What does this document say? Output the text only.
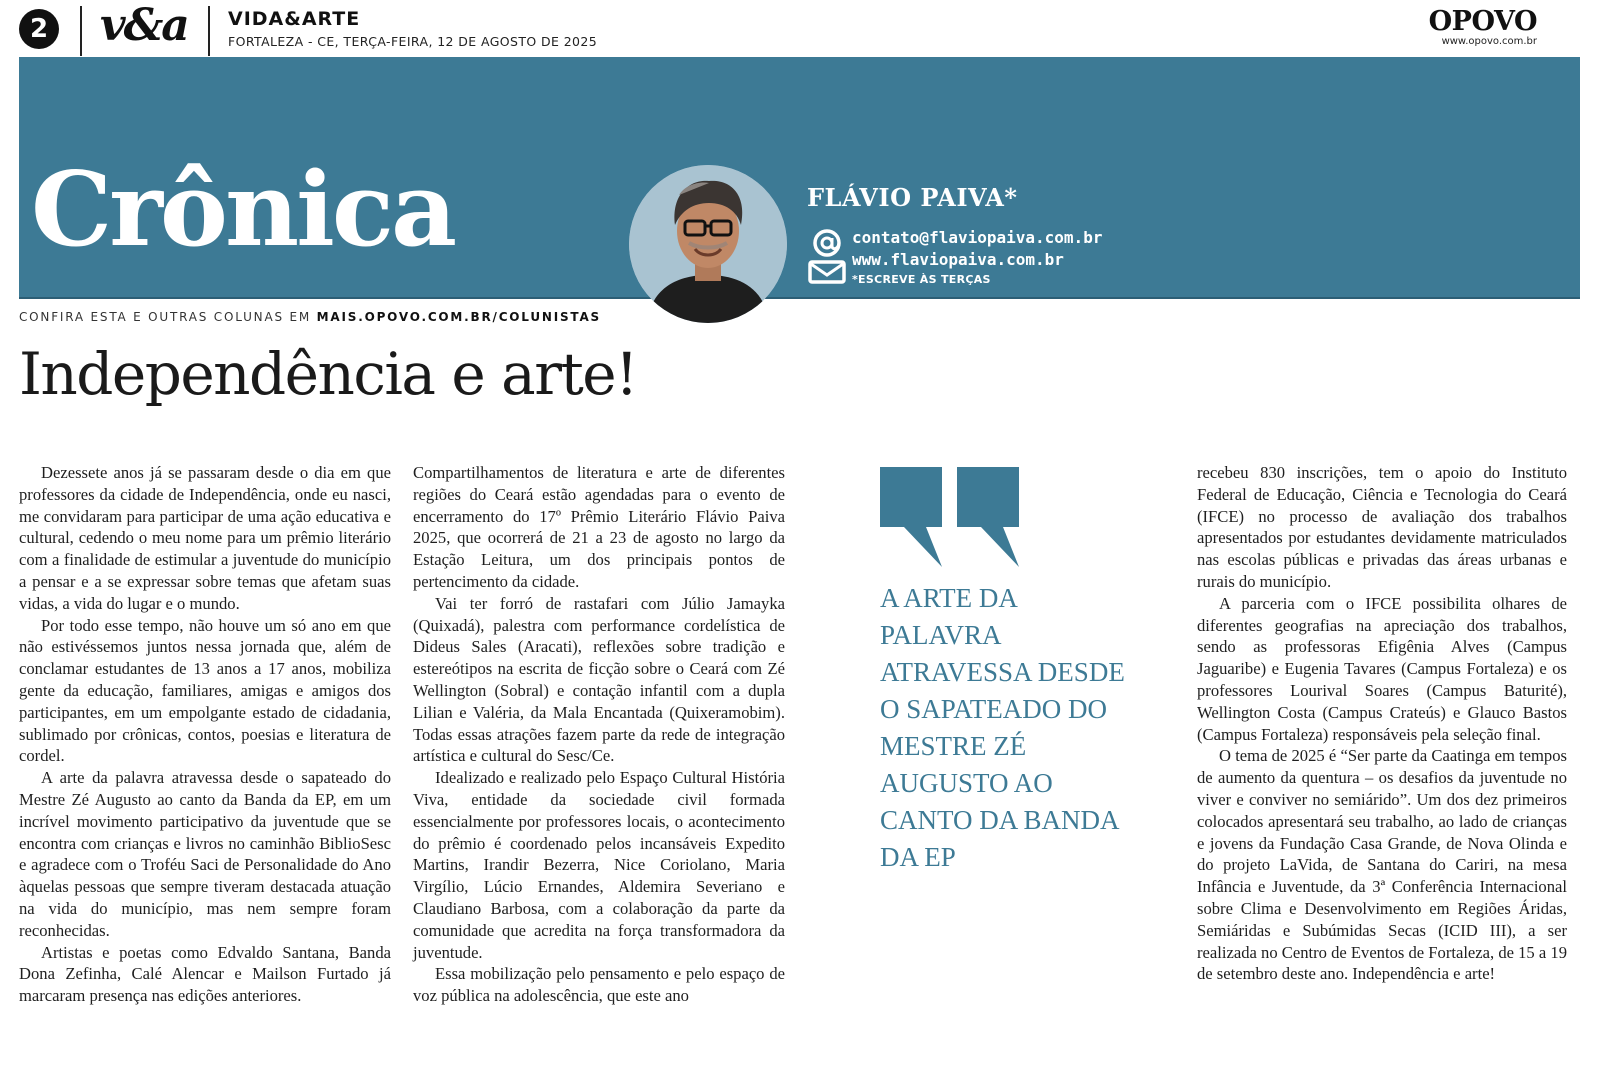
2 v&a VIDA&ARTE
FORTALEZA - CE, TERÇA-FEIRA, 12 DE AGOSTO DE 2025
OPOVO
www.opovo.com.br
Crônica	FLÁVIO PAIVA*
contato@flaviopaiva.com.br
www.flaviopaiva.com.br
*ESCREVE ÀS TERÇAS
CONFIRA ESTA E OUTRAS COLUNAS EM MAIS.OPOVO.COM.BR/COLUNISTAS
Independência e arte!

Dezessete anos já se passaram desde o dia em que professores da cidade de Independência, onde eu nasci, me convidaram para participar de uma ação educativa e cultural, cedendo o meu nome para um prêmio literário com a finalidade de estimular a juventude do município a pensar e a se expressar sobre temas que afetam suas vidas, a vida do lugar e o mundo.

Por todo esse tempo, não houve um só ano em que não estivéssemos juntos nessa jornada que, além de conclamar estudantes de 13 anos a 17 anos, mobiliza gente da educação, familiares, amigas e amigos dos participantes, em um empolgante estado de cidadania, sublimado por crônicas, contos, poesias e literatura de cordel.

A arte da palavra atravessa desde o sapateado do Mestre Zé Augusto ao canto da Banda da EP, em um incrível movimento participativo da juventude que se encontra com crianças e livros no caminhão BiblioSesc e agradece com o Troféu Saci de Personalidade do Ano àquelas pessoas que sempre tiveram destacada atuação na vida do município, mas nem sempre foram reconhecidas.

Artistas e poetas como Edvaldo Santana, Banda Dona Zefinha, Calé Alencar e Mailson Furtado já marcaram presença nas edições anteriores.

Compartilhamentos de literatura e arte de diferentes regiões do Ceará estão agendadas para o evento de encerramento do 17º Prêmio Literário Flávio Paiva 2025, que ocorrerá de 21 a 23 de agosto no largo da Estação Leitura, um dos principais pontos de pertencimento da cidade.

Vai ter forró de rastafari com Júlio Jamayka (Quixadá), palestra com performance cordelística de Dideus Sales (Aracati), reflexões sobre tradição e estereótipos na escrita de ficção sobre o Ceará com Zé Wellington (Sobral) e contação infantil com a dupla Lilian e Valéria, da Mala Encantada (Quixeramobim). Todas essas atrações fazem parte da rede de integração artística e cultural do Sesc/Ce.

Idealizado e realizado pelo Espaço Cultural História Viva, entidade da sociedade civil formada essencialmente por professores locais, o acontecimento do prêmio é coordenado pelos incansáveis Expedito Martins, Irandir Bezerra, Nice Coriolano, Maria Virgílio, Lúcio Ernandes, Aldemira Severiano e Claudiano Barbosa, com a colaboração da parte da comunidade que acredita na força transformadora da juventude.

Essa mobilização pelo pensamento e pelo espaço de voz pública na adolescência, que este ano

A ARTE DA PALAVRA ATRAVESSA DESDE O SAPATEADO DO MESTRE ZÉ AUGUSTO AO CANTO DA BANDA DA EP

recebeu 830 inscrições, tem o apoio do Instituto Federal de Educação, Ciência e Tecnologia do Ceará (IFCE) no processo de avaliação dos trabalhos apresentados por estudantes devidamente matriculados nas escolas públicas e privadas das áreas urbanas e rurais do município.

A parceria com o IFCE possibilita olhares de diferentes geografias na apreciação dos trabalhos, sendo as professoras Efigênia Alves (Campus Jaguaribe) e Eugenia Tavares (Campus Fortaleza) e os professores Lourival Soares (Campus Baturité), Wellington Costa (Campus Crateús) e Glauco Bastos (Campus Fortaleza) responsáveis pela seleção final.

O tema de 2025 é “Ser parte da Caatinga em tempos de aumento da quentura – os desafios da juventude no viver e conviver no semiárido”. Um dos dez primeiros colocados apresentará seu trabalho, ao lado de crianças e jovens da Fundação Casa Grande, de Nova Olinda e do projeto LaVida, de Santana do Cariri, na mesa Infância e Juventude, da 3ª Conferência Internacional sobre Clima e Desenvolvimento em Regiões Áridas, Semiáridas e Subúmidas Secas (ICID III), a ser realizada no Centro de Eventos de Fortaleza, de 15 a 19 de setembro deste ano. Independência e arte!
